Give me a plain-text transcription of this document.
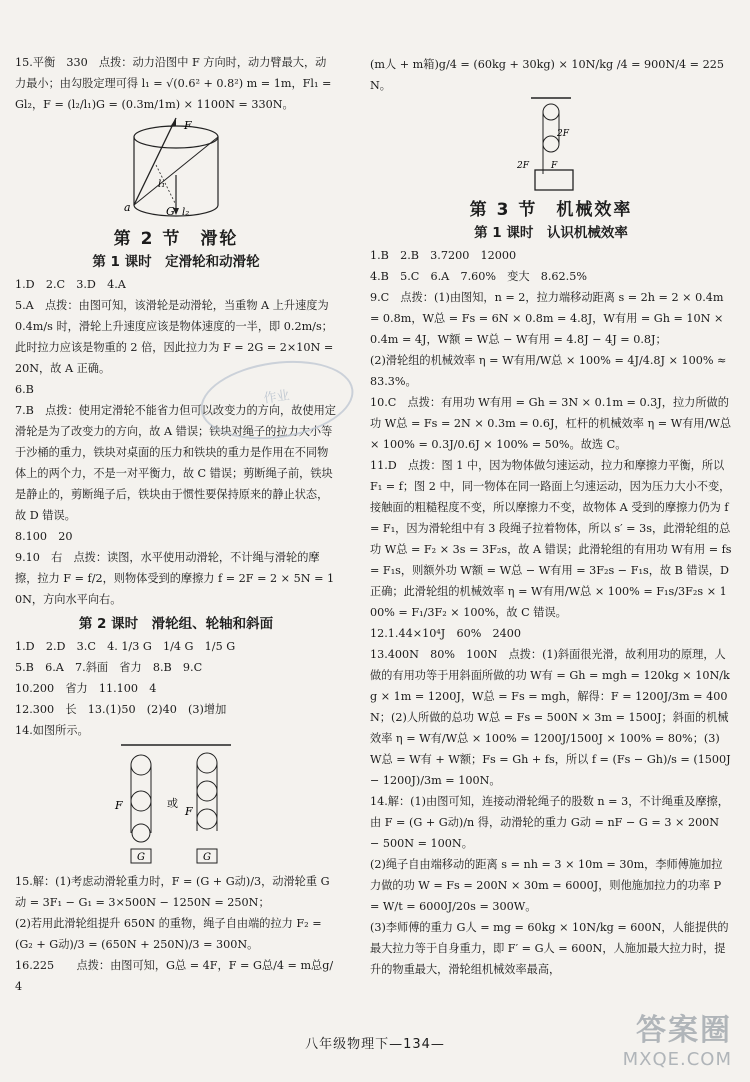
15.平衡　330　点拨：动力沿图中 F 方向时，动力臂最大，动力最小；由勾股定理可得 l₁ = √(0.6² + 0.8²) m = 1m，Fl₁ = Gl₂，F = (l₂/l₁)G = (0.3m/1m) × 1100N = 330N。

F
l₁
a	G l₂
第 2 节　滑轮
第 1 课时　定滑轮和动滑轮

1.D　2.C　3.D　4.A

5.A　点拨：由图可知，该滑轮是动滑轮，当重物 A 上升速度为 0.4m/s 时，滑轮上升速度应该是物体速度的一半，即 0.2m/s；此时拉力应该是物重的 2 倍，因此拉力为 F = 2G = 2×10N = 20N，故 A 正确。

6.B

7.B　点拨：使用定滑轮不能省力但可以改变力的方向，故使用定滑轮是为了改变力的方向，故 A 错误；铁块对绳子的拉力大小等于沙桶的重力，铁块对桌面的压力和铁块的重力是作用在不同物体上的两个力，不是一对平衡力，故 C 错误；剪断绳子前，铁块是静止的，剪断绳子后，铁块由于惯性要保持原来的静止状态，故 D 错误。

8.100　20

9.10　右　点拨：读图，水平使用动滑轮，不计绳与滑轮的摩擦，拉力 F = f/2，则物体受到的摩擦力 f = 2F = 2 × 5N = 10N，方向水平向右。

第 2 课时　滑轮组、轮轴和斜面

1.D　2.D　3.C　4. 1/3 G　1/4 G　1/5 G

5.B　6.A　7.斜面　省力　8.B　9.C

10.200　省力　11.100　4

12.300　长　13.(1)50　(2)40　(3)增加

14.如图所示。

F	或
F
G	G

15.解：(1)考虑动滑轮重力时，F = (G + G动)/3，动滑轮重 G动 = 3F₁ − G₁ = 3×500N − 1250N = 250N；

(2)若用此滑轮组提升 650N 的重物，绳子自由端的拉力 F₂ = (G₂ + G动)/3 = (650N + 250N)/3 = 300N。

16.225　　点拨：由图可知，G总 = 4F，F = G总/4 = m总g/4

(m人 + m箱)g/4 = (60kg + 30kg) × 10N/kg /4 = 900N/4 = 225N。

2F
2F F
第 3 节　机械效率
第 1 课时　认识机械效率

1.B　2.B　3.7200　12000

4.B　5.C　6.A　7.60%　变大　8.62.5%

9.C　点拨：(1)由图知，n = 2，拉力端移动距离 s = 2h = 2 × 0.4m = 0.8m，W总 = Fs = 6N × 0.8m = 4.8J，W有用 = Gh = 10N × 0.4m = 4J，W额 = W总 − W有用 = 4.8J − 4J = 0.8J；

(2)滑轮组的机械效率 η = W有用/W总 × 100% = 4J/4.8J × 100% ≈ 83.3%。

10.C　点拨：有用功 W有用 = Gh = 3N × 0.1m = 0.3J，拉力所做的功 W总 = Fs = 2N × 0.3m = 0.6J，杠杆的机械效率 η = W有用/W总 × 100% = 0.3J/0.6J × 100% = 50%。故选 C。

11.D　点拨：图 1 中，因为物体做匀速运动，拉力和摩擦力平衡，所以 F₁ = f；图 2 中，同一物体在同一路面上匀速运动，因为压力大小不变，接触面的粗糙程度不变，所以摩擦力不变，故物体 A 受到的摩擦力仍为 f = F₁，因为滑轮组中有 3 段绳子拉着物体，所以 s′ = 3s，此滑轮组的总功 W总 = F₂ × 3s = 3F₂s，故 A 错误；此滑轮组的有用功 W有用 = fs = F₁s，则额外功 W额 = W总 − W有用 = 3F₂s − F₁s，故 B 错误，D 正确；此滑轮组的机械效率 η = W有用/W总 × 100% = F₁s/3F₂s × 100% = F₁/3F₂ × 100%，故 C 错误。

12.1.44×10⁴J　60%　2400

13.400N　80%　100N　点拨：(1)斜面很光滑，故利用功的原理，人做的有用功等于用斜面所做的功 W有 = Gh = mgh = 120kg × 10N/kg × 1m = 1200J，W总 = Fs = mgh，解得：F = 1200J/3m = 400N；(2)人所做的总功 W总 = Fs = 500N × 3m = 1500J；斜面的机械效率 η = W有/W总 × 100% = 1200J/1500J × 100% = 80%；(3) W总 = W有 + W额；Fs = Gh + fs，所以 f = (Fs − Gh)/s = (1500J − 1200J)/3m = 100N。

14.解：(1)由图可知，连接动滑轮绳子的股数 n = 3，不计绳重及摩擦，由 F = (G + G动)/n 得，动滑轮的重力 G动 = nF − G = 3 × 200N − 500N = 100N。

(2)绳子自由端移动的距离 s = nh = 3 × 10m = 30m，李师傅施加拉力做的功 W = Fs = 200N × 30m = 6000J，则他施加拉力的功率 P = W/t = 6000J/20s = 300W。

(3)李师傅的重力 G人 = mg = 60kg × 10N/kg = 600N，人能提供的最大拉力等于自身重力，即 F′ = G人 = 600N，人施加最大拉力时，提升的物重最大，滑轮组机械效率最高，

作业
八年级物理下—134—	答案圈
MXQE.COM
